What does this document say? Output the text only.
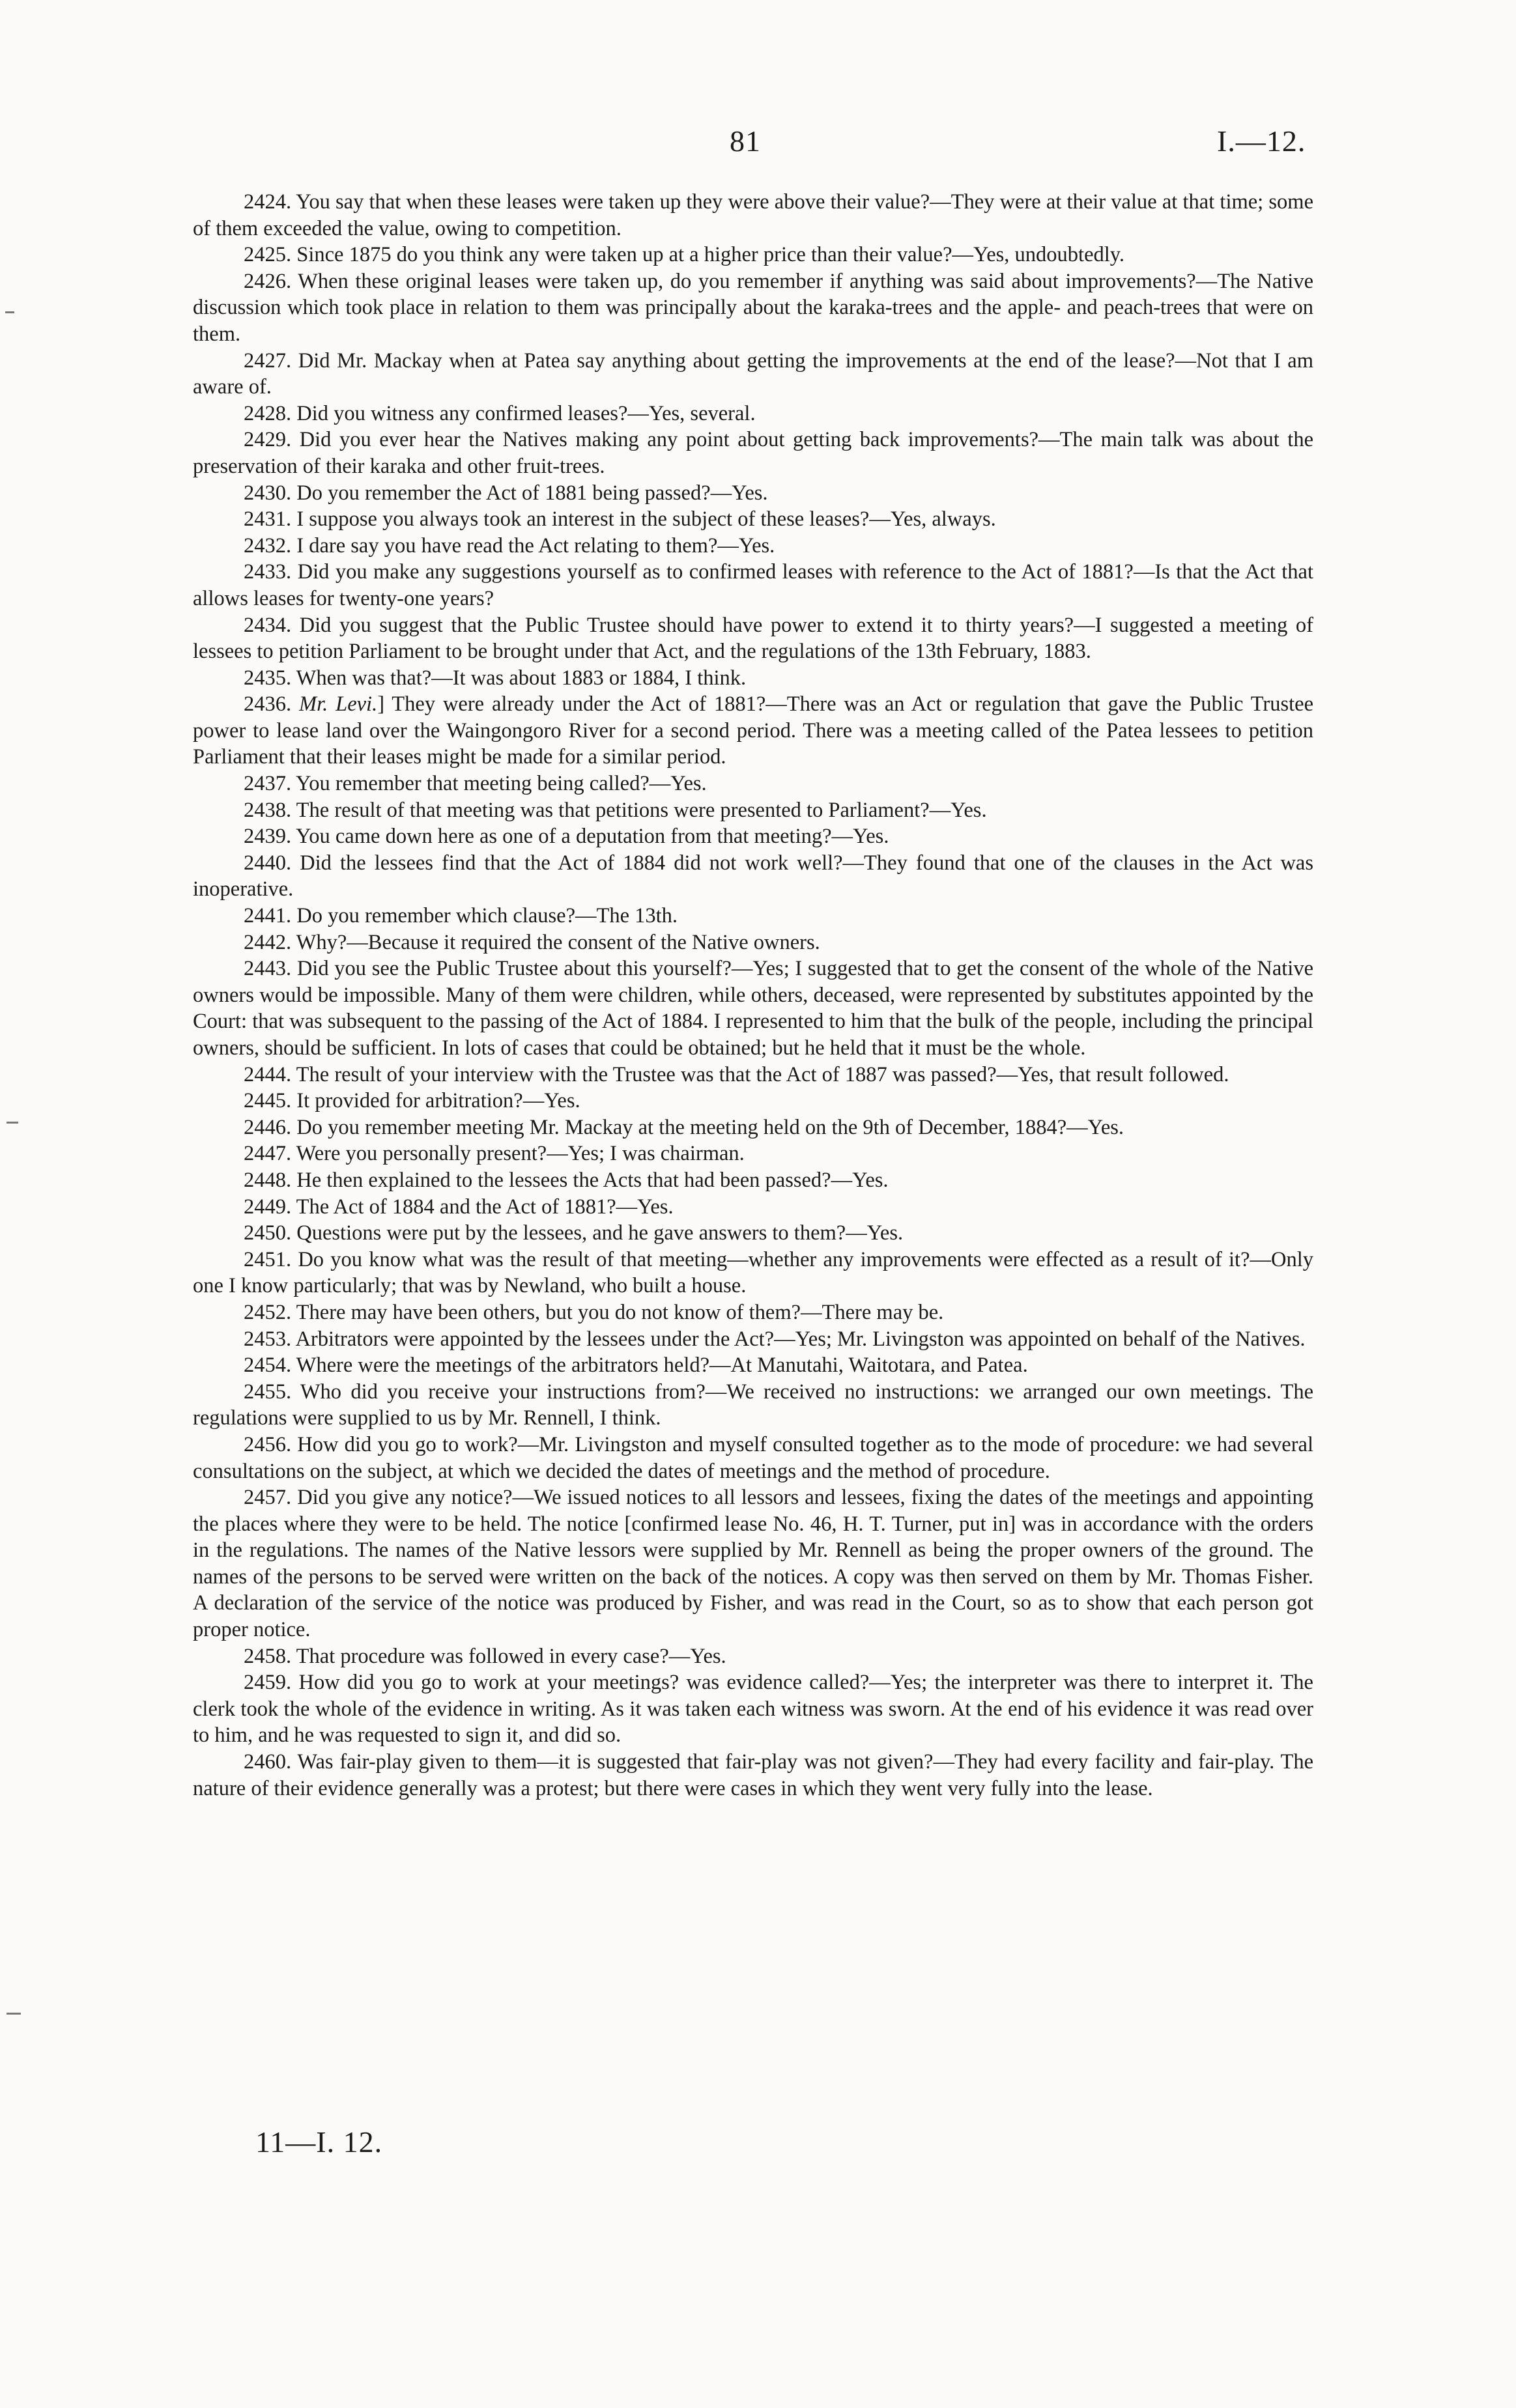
81	I.—12.

2424. You say that when these leases were taken up they were above their value?—They were at their value at that time; some of them exceeded the value, owing to competition.

2425. Since 1875 do you think any were taken up at a higher price than their value?—Yes, undoubtedly.

2426. When these original leases were taken up, do you remember if anything was said about improvements?—The Native discussion which took place in relation to them was principally about the karaka-trees and the apple- and peach-trees that were on them.

2427. Did Mr. Mackay when at Patea say anything about getting the improvements at the end of the lease?—Not that I am aware of.

2428. Did you witness any confirmed leases?—Yes, several.

2429. Did you ever hear the Natives making any point about getting back improvements?—The main talk was about the preservation of their karaka and other fruit-trees.

2430. Do you remember the Act of 1881 being passed?—Yes.

2431. I suppose you always took an interest in the subject of these leases?—Yes, always.

2432. I dare say you have read the Act relating to them?—Yes.

2433. Did you make any suggestions yourself as to confirmed leases with reference to the Act of 1881?—Is that the Act that allows leases for twenty-one years?

2434. Did you suggest that the Public Trustee should have power to extend it to thirty years?—I suggested a meeting of lessees to petition Parliament to be brought under that Act, and the regulations of the 13th February, 1883.

2435. When was that?—It was about 1883 or 1884, I think.

2436. Mr. Levi.] They were already under the Act of 1881?—There was an Act or regulation that gave the Public Trustee power to lease land over the Waingongoro River for a second period. There was a meeting called of the Patea lessees to petition Parliament that their leases might be made for a similar period.

2437. You remember that meeting being called?—Yes.

2438. The result of that meeting was that petitions were presented to Parliament?—Yes.

2439. You came down here as one of a deputation from that meeting?—Yes.

2440. Did the lessees find that the Act of 1884 did not work well?—They found that one of the clauses in the Act was inoperative.

2441. Do you remember which clause?—The 13th.

2442. Why?—Because it required the consent of the Native owners.

2443. Did you see the Public Trustee about this yourself?—Yes; I suggested that to get the consent of the whole of the Native owners would be impossible. Many of them were children, while others, deceased, were represented by substitutes appointed by the Court: that was subsequent to the passing of the Act of 1884. I represented to him that the bulk of the people, including the principal owners, should be sufficient. In lots of cases that could be obtained; but he held that it must be the whole.

2444. The result of your interview with the Trustee was that the Act of 1887 was passed?—Yes, that result followed.

2445. It provided for arbitration?—Yes.

2446. Do you remember meeting Mr. Mackay at the meeting held on the 9th of December, 1884?—Yes.

2447. Were you personally present?—Yes; I was chairman.

2448. He then explained to the lessees the Acts that had been passed?—Yes.

2449. The Act of 1884 and the Act of 1881?—Yes.

2450. Questions were put by the lessees, and he gave answers to them?—Yes.

2451. Do you know what was the result of that meeting—whether any improvements were effected as a result of it?—Only one I know particularly; that was by Newland, who built a house.

2452. There may have been others, but you do not know of them?—There may be.

2453. Arbitrators were appointed by the lessees under the Act?—Yes; Mr. Livingston was appointed on behalf of the Natives.

2454. Where were the meetings of the arbitrators held?—At Manutahi, Waitotara, and Patea.

2455. Who did you receive your instructions from?—We received no instructions: we arranged our own meetings. The regulations were supplied to us by Mr. Rennell, I think.

2456. How did you go to work?—Mr. Livingston and myself consulted together as to the mode of procedure: we had several consultations on the subject, at which we decided the dates of meetings and the method of procedure.

2457. Did you give any notice?—We issued notices to all lessors and lessees, fixing the dates of the meetings and appointing the places where they were to be held. The notice [confirmed lease No. 46, H. T. Turner, put in] was in accordance with the orders in the regulations. The names of the Native lessors were supplied by Mr. Rennell as being the proper owners of the ground. The names of the persons to be served were written on the back of the notices. A copy was then served on them by Mr. Thomas Fisher. A declaration of the service of the notice was produced by Fisher, and was read in the Court, so as to show that each person got proper notice.

2458. That procedure was followed in every case?—Yes.

2459. How did you go to work at your meetings? was evidence called?—Yes; the interpreter was there to interpret it. The clerk took the whole of the evidence in writing. As it was taken each witness was sworn. At the end of his evidence it was read over to him, and he was requested to sign it, and did so.

2460. Was fair-play given to them—it is suggested that fair-play was not given?—They had every facility and fair-play. The nature of their evidence generally was a protest; but there were cases in which they went very fully into the lease.

11—I. 12.
